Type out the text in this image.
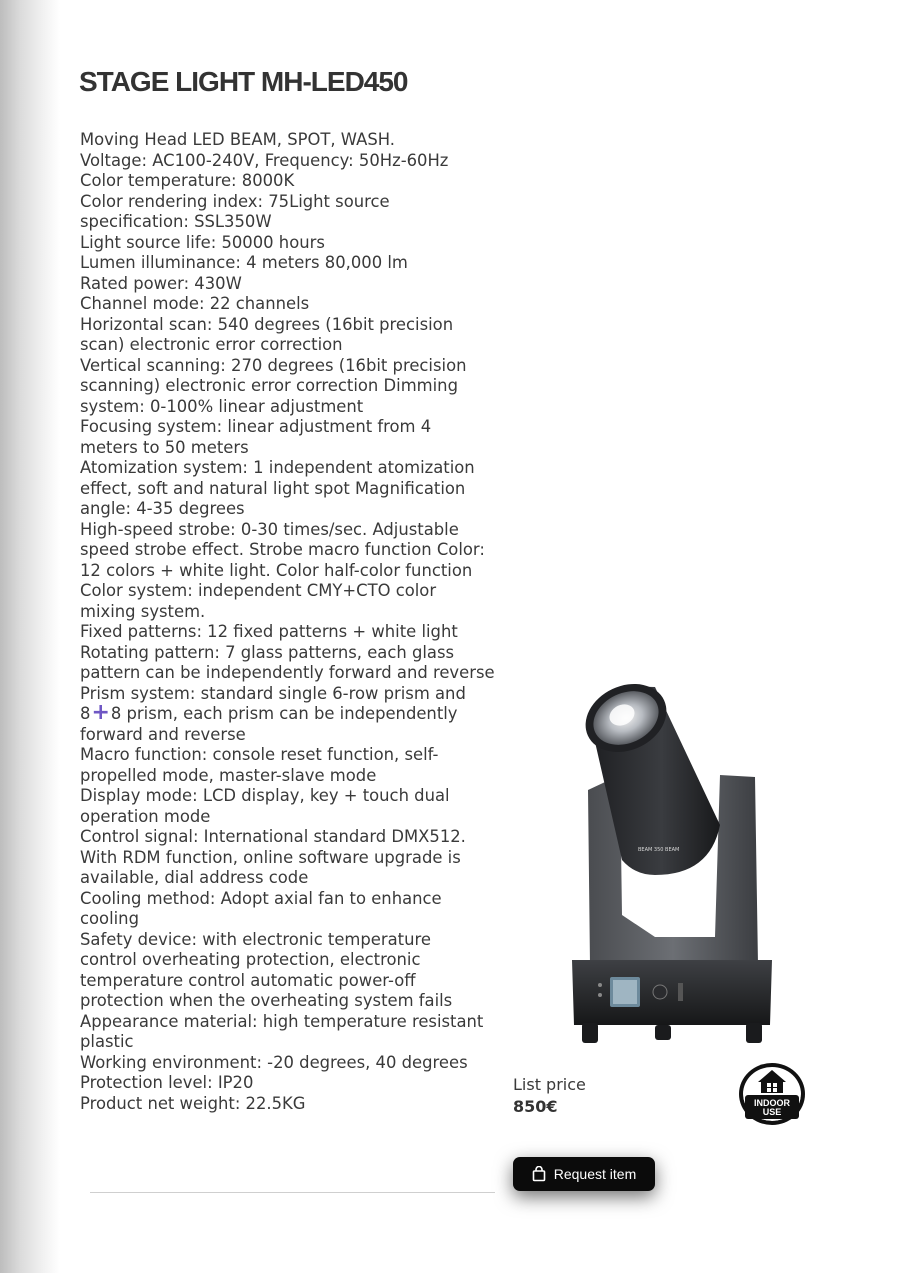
STAGE LIGHT MH-LED450
Moving Head LED BEAM, SPOT, WASH.
Voltage: AC100-240V, Frequency: 50Hz-60Hz
Color temperature: 8000K
Color rendering index: 75Light source
specification: SSL350W
Light source life: 50000 hours
Lumen illuminance: 4 meters 80,000 lm
Rated power: 430W
Channel mode: 22 channels
Horizontal scan: 540 degrees (16bit precision
scan) electronic error correction
Vertical scanning: 270 degrees (16bit precision
scanning) electronic error correction Dimming
system: 0-100% linear adjustment
Focusing system: linear adjustment from 4
meters to 50 meters
Atomization system: 1 independent atomization
effect, soft and natural light spot Magnification
angle: 4-35 degrees
High-speed strobe: 0-30 times/sec. Adjustable
speed strobe effect. Strobe macro function Color:
12 colors + white light. Color half-color function
Color system: independent CMY+CTO color
mixing system.
Fixed patterns: 12 fixed patterns + white light
Rotating pattern: 7 glass patterns, each glass
pattern can be independently forward and reverse
Prism system: standard single 6-row prism and
8+8 prism, each prism can be independently
forward and reverse
Macro function: console reset function, self-
propelled mode, master-slave mode
Display mode: LCD display, key + touch dual
operation mode
Control signal: International standard DMX512.
With RDM function, online software upgrade is
available, dial address code
Cooling method: Adopt axial fan to enhance
cooling
Safety device: with electronic temperature
control overheating protection, electronic
temperature control automatic power-off
protection when the overheating system fails
Appearance material: high temperature resistant
plastic
Working environment: -20 degrees, 40 degrees
Protection level: IP20
Product net weight: 22.5KG
BEAM 350 BEAM
List price
850€	INDOOR
USE
Request item
